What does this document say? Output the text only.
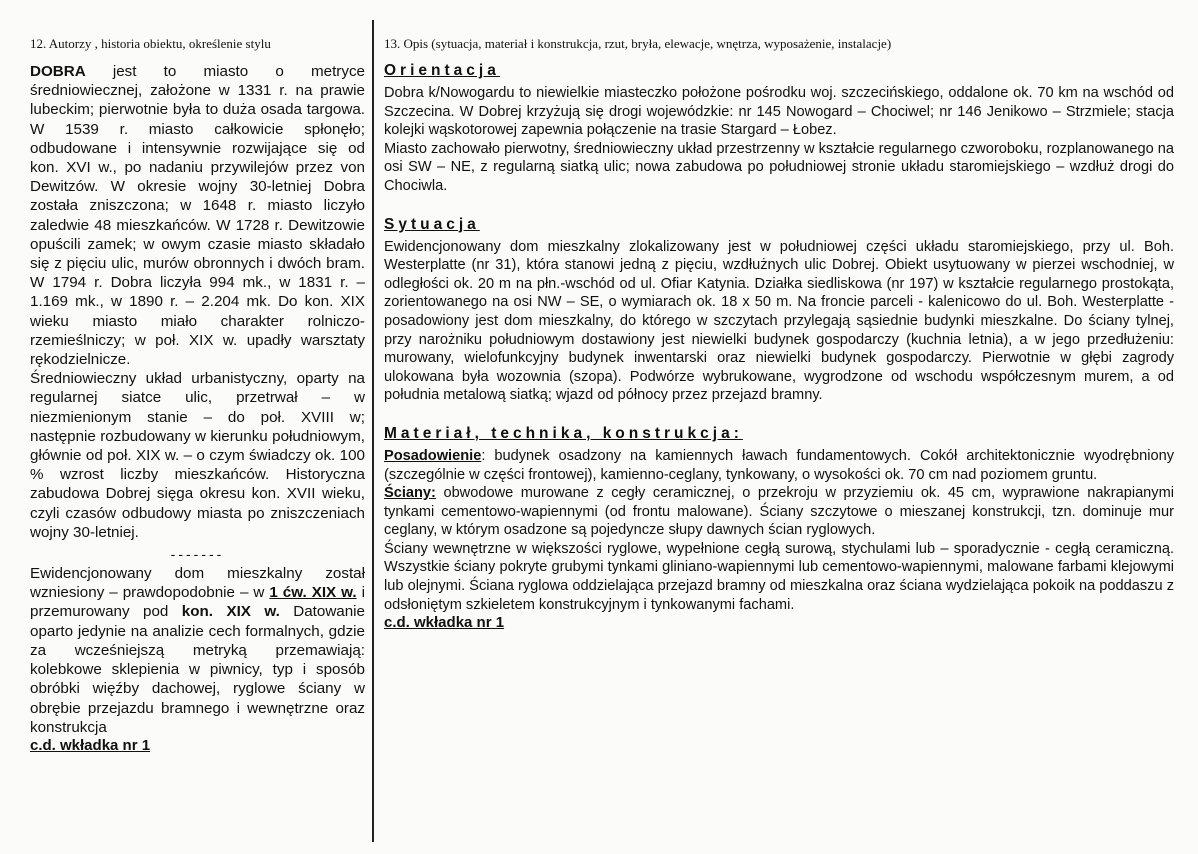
12. Autorzy , historia obiektu, określenie stylu

DOBRA jest to miasto o metryce średniowiecznej, założone w 1331 r. na prawie lubeckim; pierwotnie była to duża osada targowa. W 1539 r. miasto całkowicie spłonęło; odbudowane i intensywnie rozwijające się od kon. XVI w., po nadaniu przywilejów przez von Dewitzów. W okresie wojny 30-letniej Dobra została zniszczona; w 1648 r. miasto liczyło zaledwie 48 mieszkańców. W 1728 r. Dewitzowie opuścili zamek; w owym czasie miasto składało się z pięciu ulic, murów obronnych i dwóch bram. W 1794 r. Dobra liczyła 994 mk., w 1831 r. – 1.169 mk., w 1890 r. – 2.204 mk. Do kon. XIX wieku miasto miało charakter rolniczo-rzemieślniczy; w poł. XIX w. upadły warsztaty rękodzielnicze.

Średniowieczny układ urbanistyczny, oparty na regularnej siatce ulic, przetrwał – w niezmienionym stanie – do poł. XVIII w; następnie rozbudowany w kierunku południowym, głównie od poł. XIX w. – o czym świadczy ok. 100 % wzrost liczby mieszkańców. Historyczna zabudowa Dobrej sięga okresu kon. XVII wieku, czyli czasów odbudowy miasta po zniszczeniach wojny 30-letniej.

-------

Ewidencjonowany dom mieszkalny został wzniesiony – prawdopodobnie – w 1 ćw. XIX w. i przemurowany pod kon. XIX w. Datowanie oparto jedynie na analizie cech formalnych, gdzie za wcześniejszą metryką przemawiają: kolebkowe sklepienia w piwnicy, typ i sposób obróbki więźby dachowej, ryglowe ściany w obrębie przejazdu bramnego i wewnętrzne oraz konstrukcja

c.d. wkładka nr 1

13. Opis (sytuacja, materiał i konstrukcja, rzut, bryła, elewacje, wnętrza, wyposażenie, instalacje)
Orientacja

Dobra k/Nowogardu to niewielkie miasteczko położone pośrodku woj. szczecińskiego, oddalone ok. 70 km na wschód od Szczecina. W Dobrej krzyżują się drogi wojewódzkie: nr 145 Nowogard – Chociwel; nr 146 Jenikowo – Strzmiele; stacja kolejki wąskotorowej zapewnia połączenie na trasie Stargard – Łobez.

Miasto zachowało pierwotny, średniowieczny układ przestrzenny w kształcie regularnego czworoboku, rozplanowanego na osi SW – NE, z regularną siatką ulic; nowa zabudowa po południowej stronie układu staromiejskiego – wzdłuż drogi do Chociwla.

Sytuacja

Ewidencjonowany dom mieszkalny zlokalizowany jest w południowej części układu staromiejskiego, przy ul. Boh. Westerplatte (nr 31), która stanowi jedną z pięciu, wzdłużnych ulic Dobrej. Obiekt usytuowany w pierzei wschodniej, w odległości ok. 20 m na płn.-wschód od ul. Ofiar Katynia. Działka siedliskowa (nr 197) w kształcie regularnego prostokąta, zorientowanego na osi NW – SE, o wymiarach ok. 18 x 50 m. Na froncie parceli - kalenicowo do ul. Boh. Westerplatte - posadowiony jest dom mieszkalny, do którego w szczytach przylegają sąsiednie budynki mieszkalne. Do ściany tylnej, przy narożniku południowym dostawiony jest niewielki budynek gospodarczy (kuchnia letnia), a w jego przedłużeniu: murowany, wielofunkcyjny budynek inwentarski oraz niewielki budynek gospodarczy. Pierwotnie w głębi zagrody ulokowana była wozownia (szopa). Podwórze wybrukowane, wygrodzone od wschodu współczesnym murem, a od południa metalową siatką; wjazd od północy przez przejazd bramny.

Materiał, technika, konstrukcja:

Posadowienie: budynek osadzony na kamiennych ławach fundamentowych. Cokół architektonicznie wyodrębniony (szczególnie w części frontowej), kamienno-ceglany, tynkowany, o wysokości ok. 70 cm nad poziomem gruntu.

Ściany: obwodowe murowane z cegły ceramicznej, o przekroju w przyziemiu ok. 45 cm, wyprawione nakrapianymi tynkami cementowo-wapiennymi (od frontu malowane). Ściany szczytowe o mieszanej konstrukcji, tzn. dominuje mur ceglany, w którym osadzone są pojedyncze słupy dawnych ścian ryglowych.

Ściany wewnętrzne w większości ryglowe, wypełnione cegłą surową, stychulami lub – sporadycznie - cegłą ceramiczną. Wszystkie ściany pokryte grubymi tynkami gliniano-wapiennymi lub cementowo-wapiennymi, malowane farbami klejowymi lub olejnymi. Ściana ryglowa oddzielająca przejazd bramny od mieszkalna oraz ściana wydzielająca pokoik na poddaszu z odsłoniętym szkieletem konstrukcyjnym i tynkowanymi fachami.

c.d. wkładka nr 1
